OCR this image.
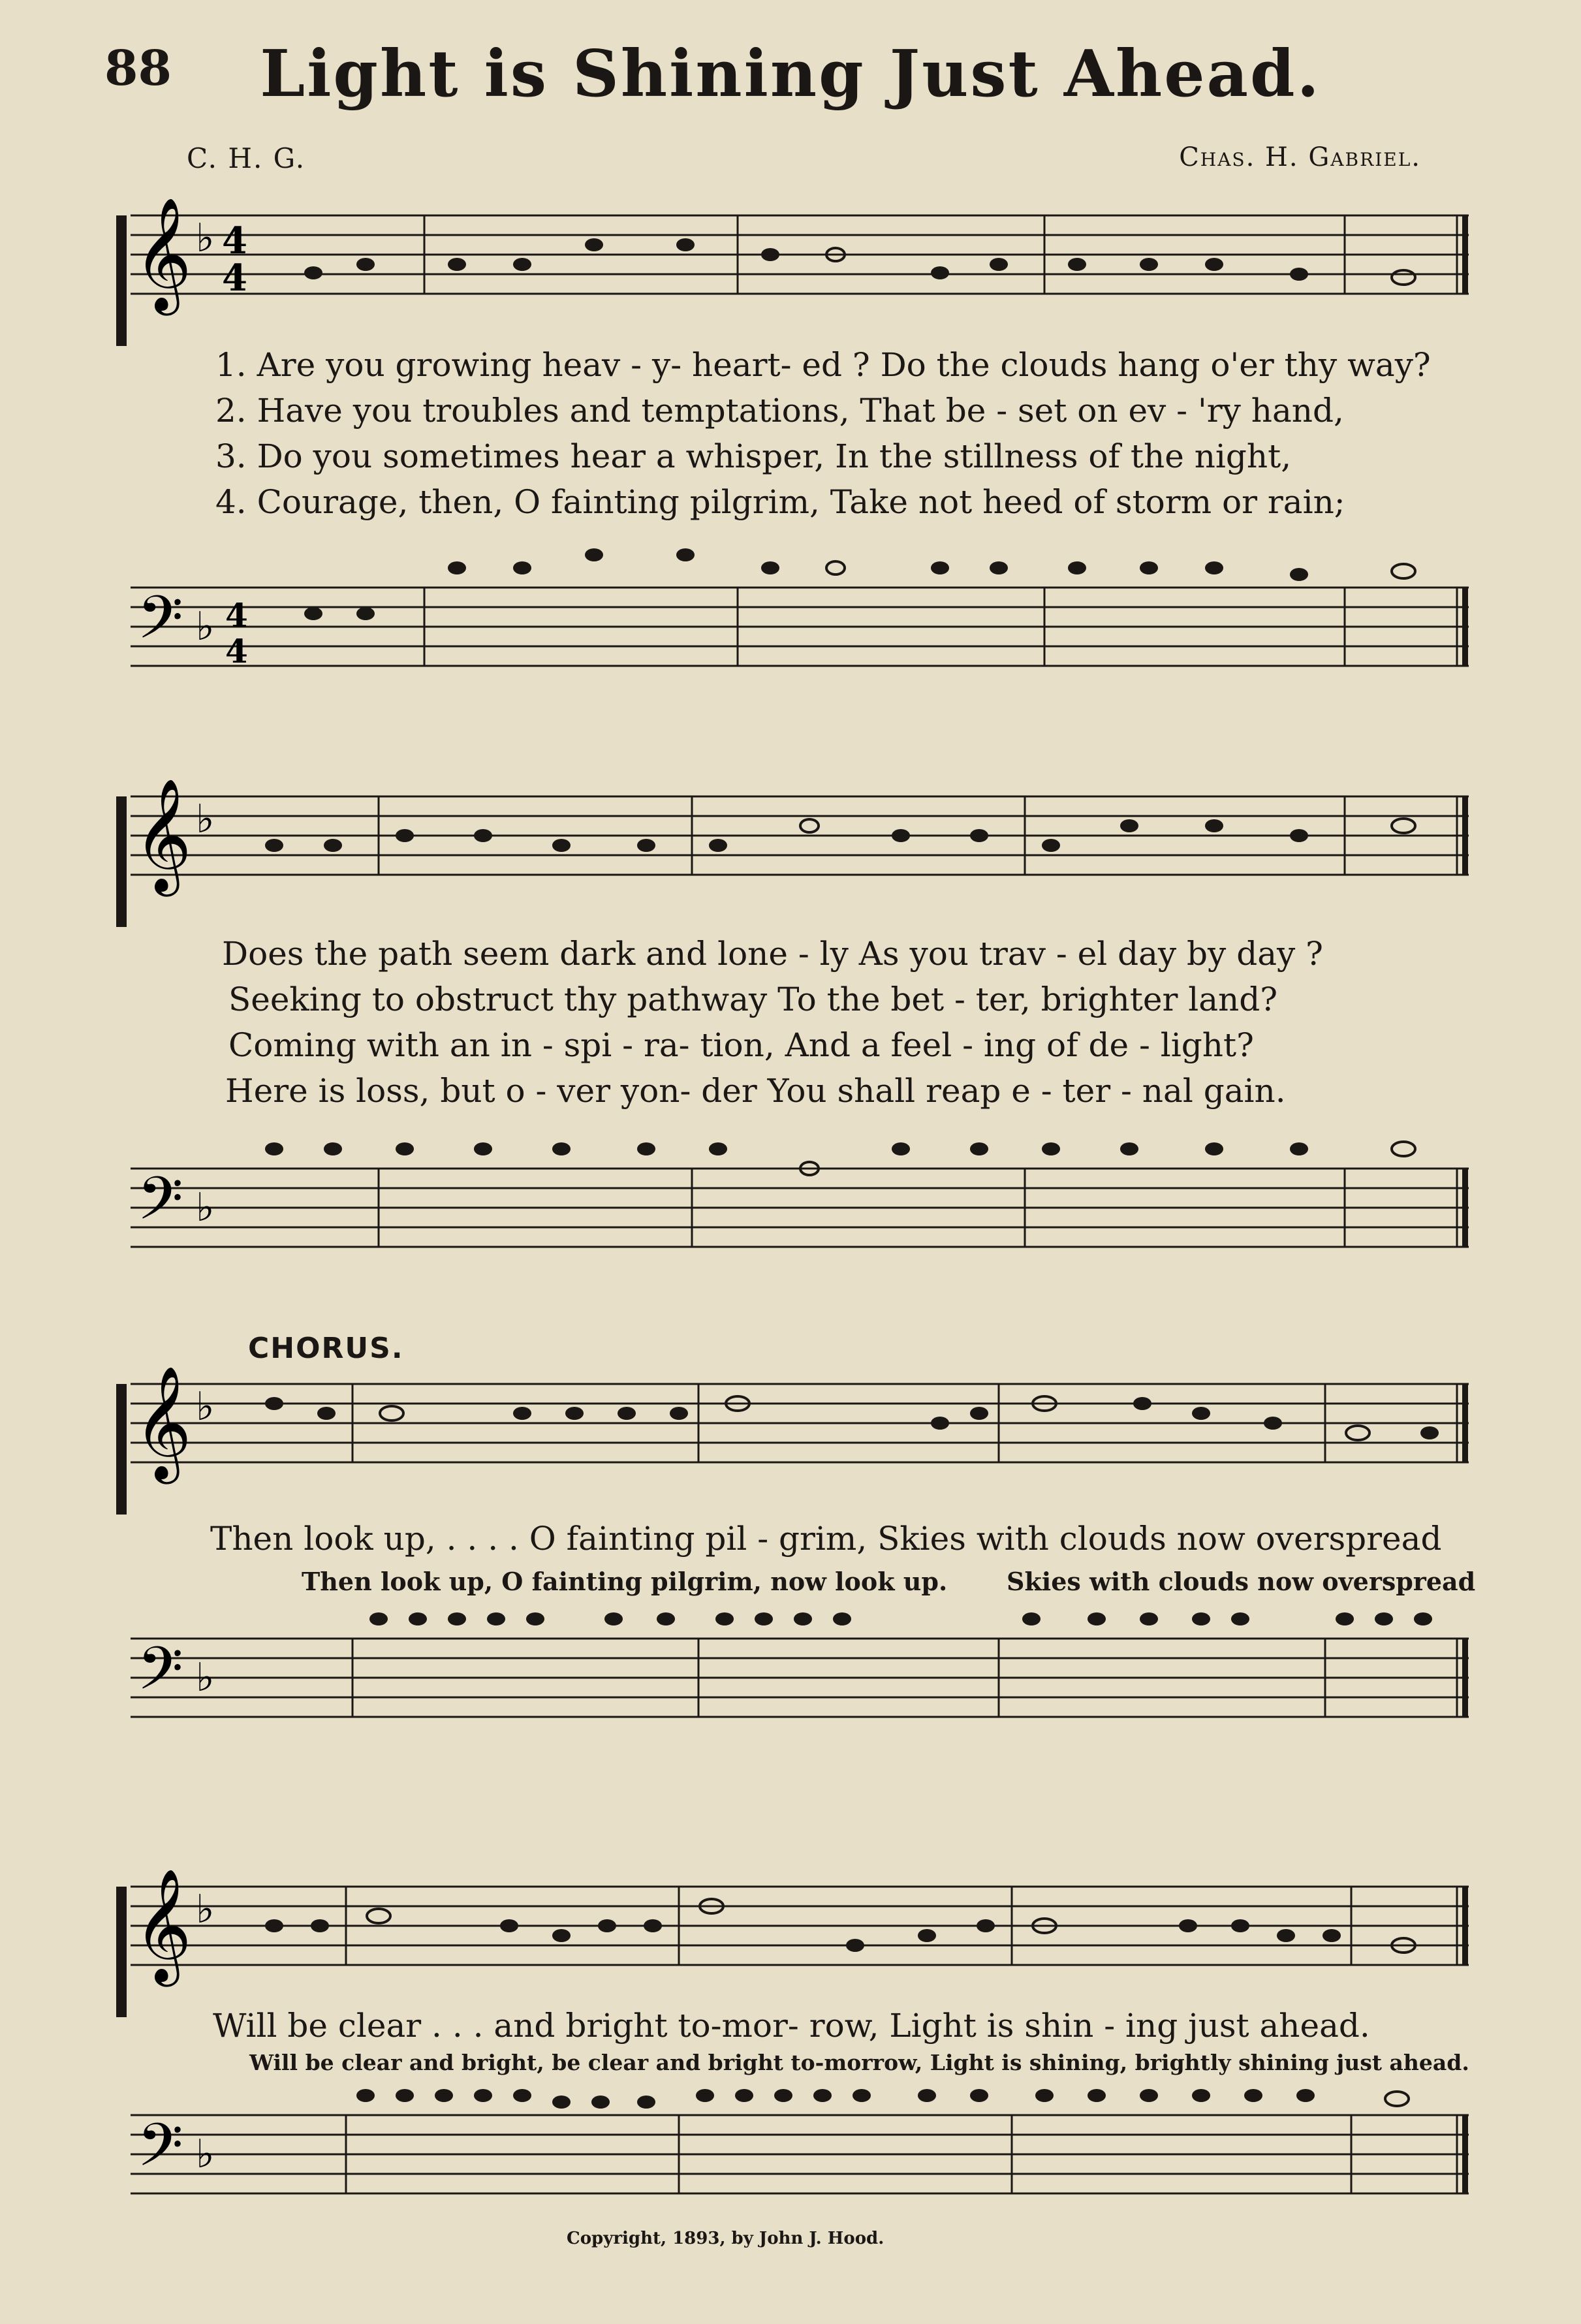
88	Light is Shining Just Ahead.
C. H. G.	Chas. H. Gabriel.
𝄞 ♭ 4
4
1. Are you growing heav - y- heart- ed ? Do the clouds hang o'er thy way?
2. Have you troubles and temptations, That be - set on ev - 'ry hand,
3. Do you sometimes hear a whisper, In the stillness of the night,
4. Courage, then, O fainting pilgrim, Take not heed of storm or rain;
𝄢 ♭ 4
4
𝄞 ♭
Does the path seem dark and lone - ly As you trav - el day by day ?
Seeking to obstruct thy pathway To the bet - ter, brighter land?
Coming with an in - spi - ra- tion, And a feel - ing of de - light?
Here is loss, but o - ver yon- der You shall reap e - ter - nal gain.
𝄢 ♭
CHORUS.
𝄞 ♭
Then look up, . . . . O fainting pil - grim, Skies with clouds now overspread
Then look up, O fainting pilgrim, now look up. Skies with clouds now overspread
𝄢 ♭
𝄞 ♭
Will be clear . . . and bright to-mor- row, Light is shin - ing just ahead.
Will be clear and bright, be clear and bright to-morrow, Light is shining, brightly shining just ahead.
𝄢 ♭
Copyright, 1893, by John J. Hood.
